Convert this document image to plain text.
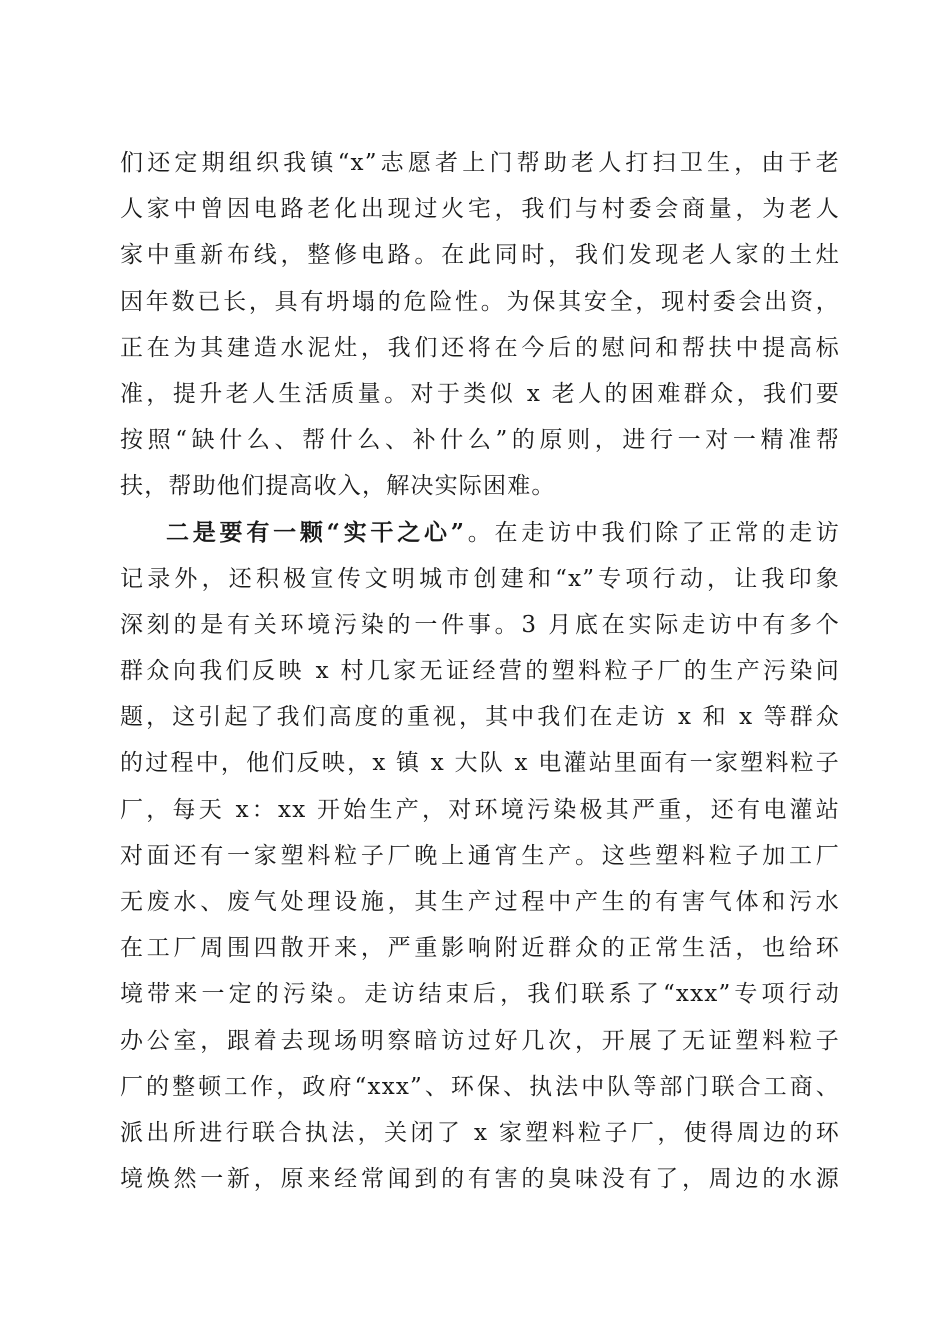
们还定期组织我镇“x”志愿者上门帮助老人打扫卫生，由于老
人家中曾因电路老化出现过火宅，我们与村委会商量，为老人
家中重新布线，整修电路。在此同时，我们发现老人家的土灶
因年数已长，具有坍塌的危险性。为保其安全，现村委会出资，
正在为其建造水泥灶，我们还将在今后的慰问和帮扶中提高标
准，提升老人生活质量。对于类似 x 老人的困难群众，我们要
按照“缺什么、帮什么、补什么”的原则，进行一对一精准帮
扶，帮助他们提高收入，解决实际困难。
二是要有一颗“实干之心”。在走访中我们除了正常的走访
记录外，还积极宣传文明城市创建和“x”专项行动，让我印象
深刻的是有关环境污染的一件事。3 月底在实际走访中有多个
群众向我们反映 x 村几家无证经营的塑料粒子厂的生产污染问
题，这引起了我们高度的重视，其中我们在走访 x 和 x 等群众
的过程中，他们反映，x 镇 x 大队 x 电灌站里面有一家塑料粒子
厂，每天 x：xx 开始生产，对环境污染极其严重，还有电灌站
对面还有一家塑料粒子厂晚上通宵生产。这些塑料粒子加工厂
无废水、废气处理设施，其生产过程中产生的有害气体和污水
在工厂周围四散开来，严重影响附近群众的正常生活，也给环
境带来一定的污染。走访结束后，我们联系了“xxx”专项行动
办公室，跟着去现场明察暗访过好几次，开展了无证塑料粒子
厂的整顿工作，政府“xxx”、环保、执法中队等部门联合工商、
派出所进行联合执法，关闭了 x 家塑料粒子厂，使得周边的环
境焕然一新，原来经常闻到的有害的臭味没有了，周边的水源
